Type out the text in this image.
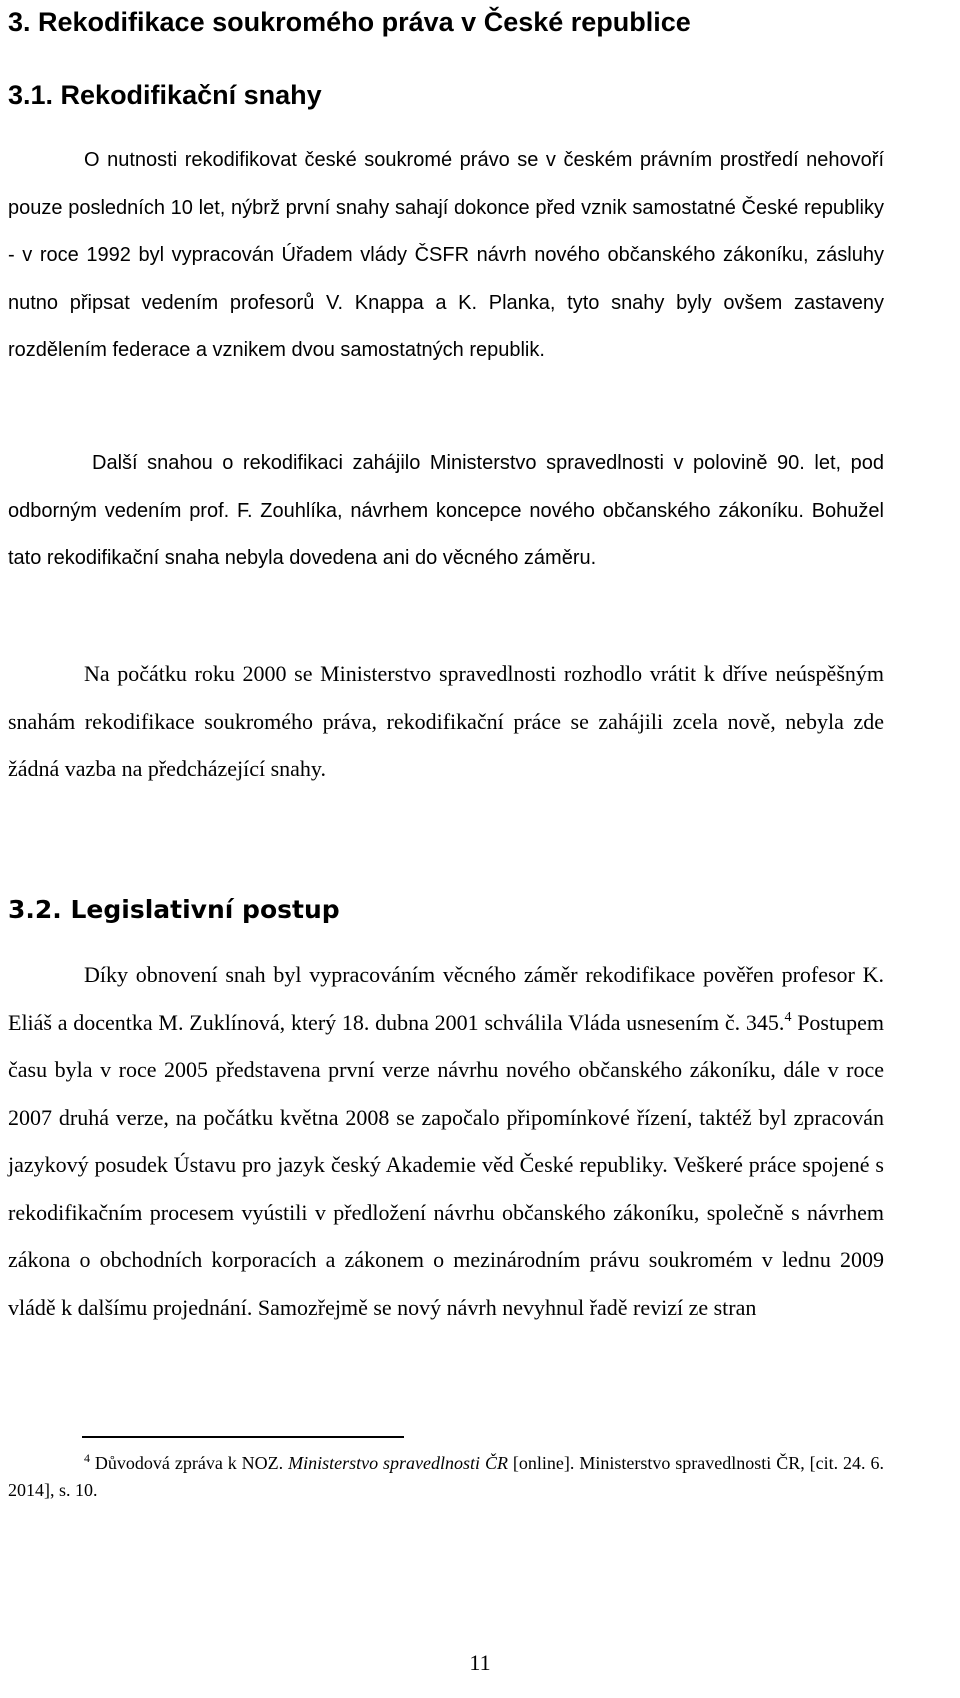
3. Rekodifikace soukromého práva v České republice
3.1. Rekodifikační snahy

O nutnosti rekodifikovat české soukromé právo se v českém právním prostředí nehovoří pouze posledních 10 let, nýbrž první snahy sahají dokonce před vznik samostatné České republiky - v roce 1992 byl vypracován Úřadem vlády ČSFR návrh nového občanského zákoníku, zásluhy nutno připsat vedením profesorů V. Knappa a K. Planka, tyto snahy byly ovšem zastaveny rozdělením federace a vznikem dvou samostatných republik.

Další snahou o rekodifikaci zahájilo Ministerstvo spravedlnosti v polovině 90. let, pod odborným vedením prof. F. Zouhlíka, návrhem koncepce nového občanského zákoníku. Bohužel tato rekodifikační snaha nebyla dovedena ani do věcného záměru.

Na počátku roku 2000 se Ministerstvo spravedlnosti rozhodlo vrátit k dříve neúspěšným snahám rekodifikace soukromého práva, rekodifikační práce se zahájili zcela nově, nebyla zde žádná vazba na předcházející snahy.

3.2. Legislativní postup

Díky obnovení snah byl vypracováním věcného záměr rekodifikace pověřen profesor K. Eliáš a docentka M. Zuklínová, který 18. dubna 2001 schválila Vláda usnesením č. 345.$^4$ Postupem času byla v roce 2005 představena první verze návrhu nového občanského zákoníku, dále v roce 2007 druhá verze, na počátku května 2008 se započalo připomínkové řízení, taktéž byl zpracován jazykový posudek Ústavu pro jazyk český Akademie věd České republiky. Veškeré práce spojené s rekodifikačním procesem vyústili v předložení návrhu občanského zákoníku, společně s návrhem zákona o obchodních korporacích a zákonem o mezinárodním právu soukromém v lednu 2009 vládě k dalšímu projednání. Samozřejmě se nový návrh nevyhnul řadě revizí ze stran

$^4$ Důvodová zpráva k NOZ. Ministerstvo spravedlnosti ČR [online]. Ministerstvo spravedlnosti ČR, [cit. 24. 6. 2014], s. 10.

11
